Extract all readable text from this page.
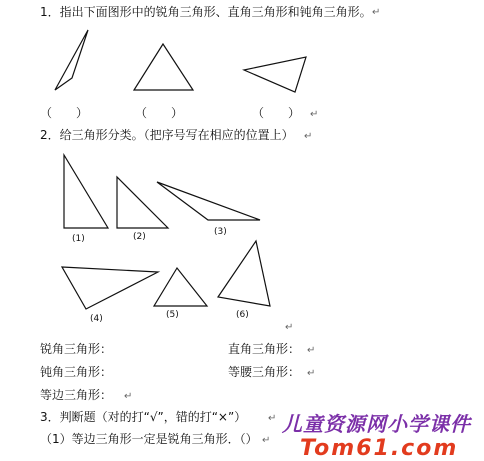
1．指出下面图形中的锐角三角形、直角三角形和钝角三角形。 ↵
（　　）	（　　）	（　　） ↵
2．给三角形分类。（把序号写在相应的位置上） ↵
(1)	(2)	(3)
(4)	(5)	(6)
↵
锐角三角形：	直角三角形： ↵
钝角三角形：	等腰三角形： ↵
等边三角形： ↵
3．判断题（对的打“√”，错的打“×”） ↵
（1）等边三角形一定是锐角三角形．（） ↵
儿童资源网小学课件
Tom61.com
